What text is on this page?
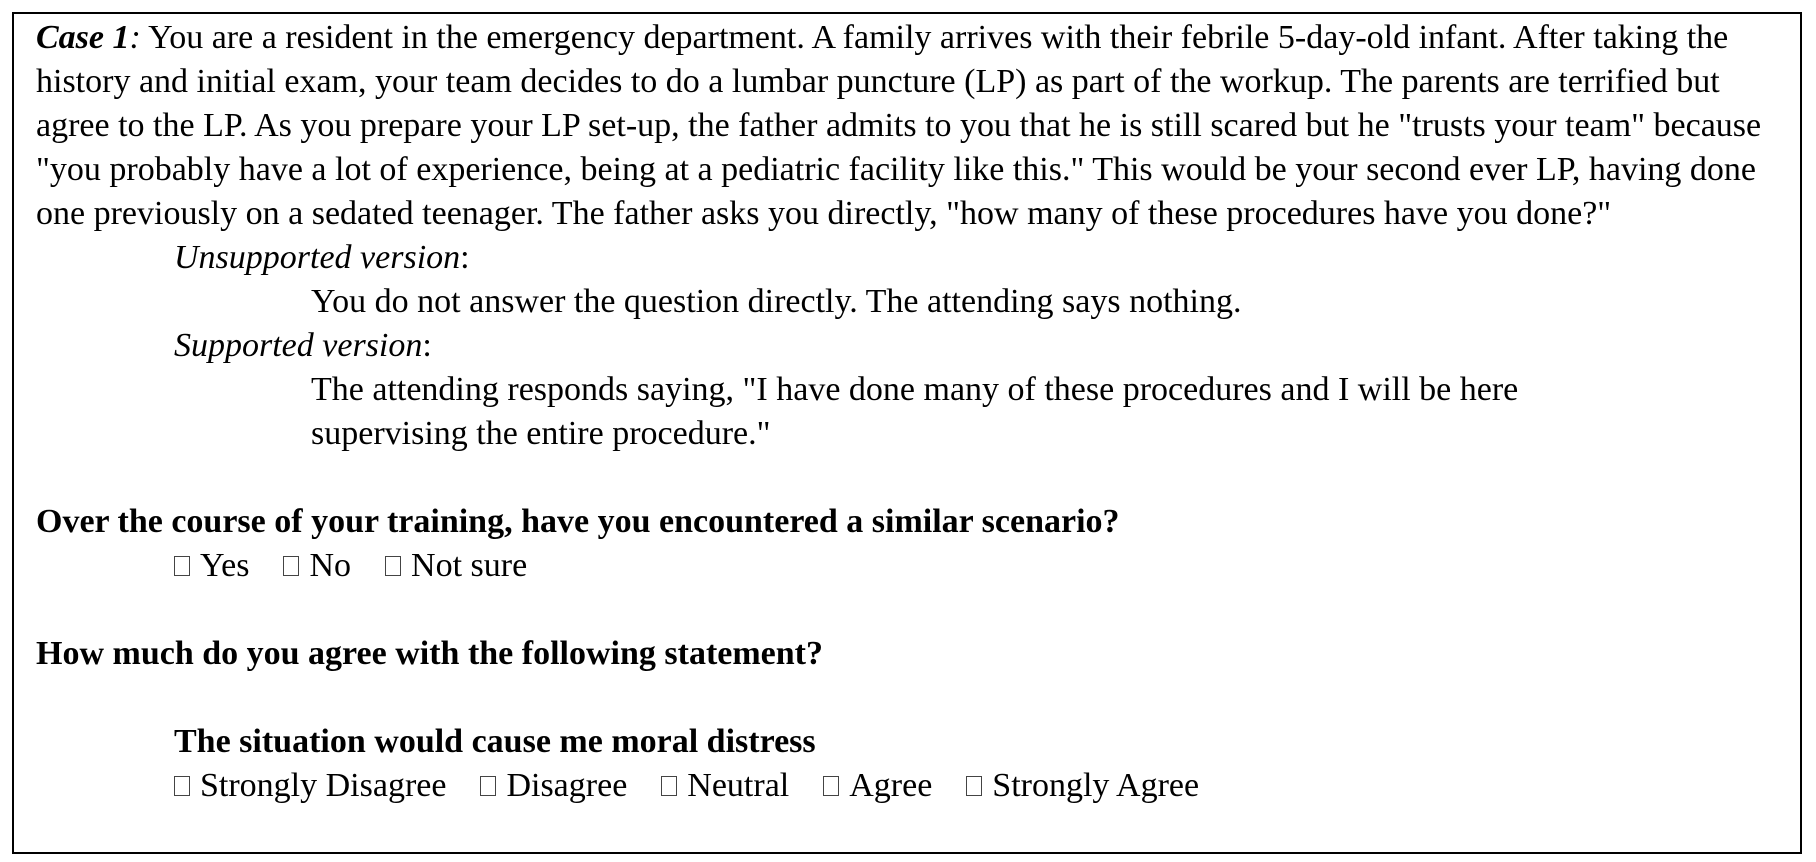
Case 1: You are a resident in the emergency department. A family arrives with their febrile 5-day-old infant. After taking the history and initial exam, your team decides to do a lumbar puncture (LP) as part of the workup. The parents are terrified but agree to the LP. As you prepare your LP set-up, the father admits to you that he is still scared but he "trusts your team" because "you probably have a lot of experience, being at a pediatric facility like this." This would be your second ever LP, having done one previously on a sedated teenager. The father asks you directly, "how many of these procedures have you done?"

Unsupported version:
You do not answer the question directly. The attending says nothing.
Supported version:
The attending responds saying, "I have done many of these procedures and I will be here supervising the entire procedure."
Over the course of your training, have you encountered a similar scenario?
Yes No Not sure
How much do you agree with the following statement?
The situation would cause me moral distress
Strongly Disagree Disagree Neutral Agree Strongly Agree
